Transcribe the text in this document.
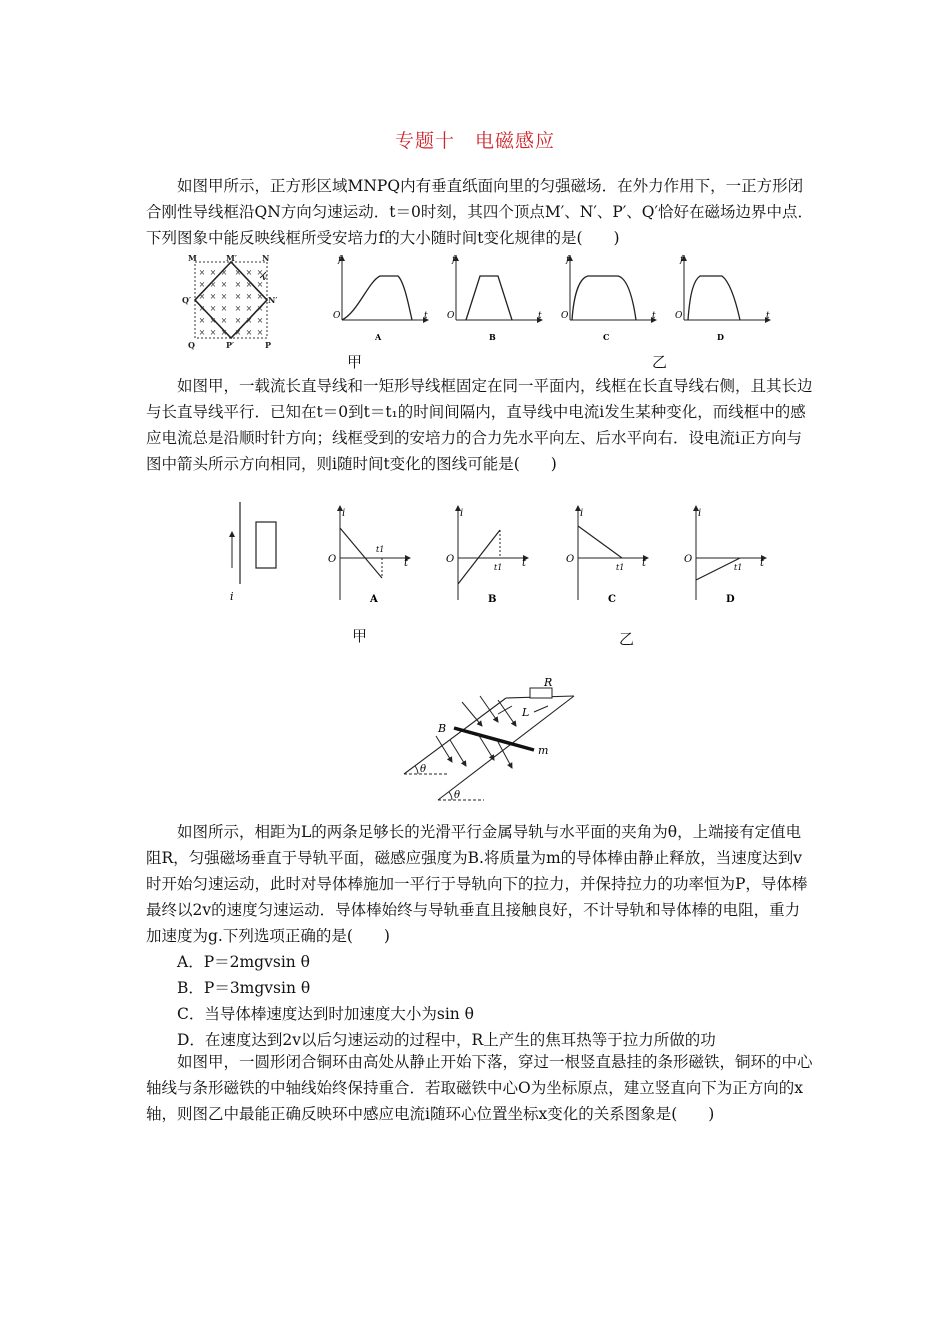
专题十　电磁感应

如图甲所示，正方形区域MNPQ内有垂直纸面向里的匀强磁场．在外力作用下，一正方形闭合刚性导线框沿QN方向匀速运动．t＝0时刻，其四个顶点M′、N′、P′、Q′恰好在磁场边界中点．下列图象中能反映线框所受安培力f的大小随时间t变化规律的是(　　)

× × × × × ×
× × × × × ×
× × × × × ×
× × × × × ×
× × × × × ×
× × × × × ×
M	M′	N
N′
v
Q′
Q	P′	P
f
t
O
A
f
t
O
B
f
t
O
C
f
t
O
D
甲	乙

如图甲，一载流长直导线和一矩形导线框固定在同一平面内，线框在长直导线右侧，且其长边与长直导线平行．已知在t＝0到t＝t₁的时间间隔内，直导线中电流i发生某种变化，而线框中的感应电流总是沿顺时针方向；线框受到的安培力的合力先水平向左、后水平向右．设电流i正方向与图中箭头所示方向相同，则i随时间t变化的图线可能是(　　)

i
i
t
O
t1
A
i
t
O
t1
B
i
t
O
t1
C
i
t
O
t1
D
甲	乙
R
L
m
B
θ
θ

如图所示，相距为L的两条足够长的光滑平行金属导轨与水平面的夹角为θ，上端接有定值电阻R，匀强磁场垂直于导轨平面，磁感应强度为B.将质量为m的导体棒由静止释放，当速度达到v时开始匀速运动，此时对导体棒施加一平行于导轨向下的拉力，并保持拉力的功率恒为P，导体棒最终以2v的速度匀速运动．导体棒始终与导轨垂直且接触良好，不计导轨和导体棒的电阻，重力加速度为g.下列选项正确的是(　　)

A．P＝2mgvsin θ
B．P＝3mgvsin θ
C．当导体棒速度达到时加速度大小为sin θ
D．在速度达到2v以后匀速运动的过程中，R上产生的焦耳热等于拉力所做的功

如图甲，一圆形闭合铜环由高处从静止开始下落，穿过一根竖直悬挂的条形磁铁，铜环的中心轴线与条形磁铁的中轴线始终保持重合．若取磁铁中心O为坐标原点，建立竖直向下为正方向的x轴，则图乙中最能正确反映环中感应电流i随环心位置坐标x变化的关系图象是(　　)
